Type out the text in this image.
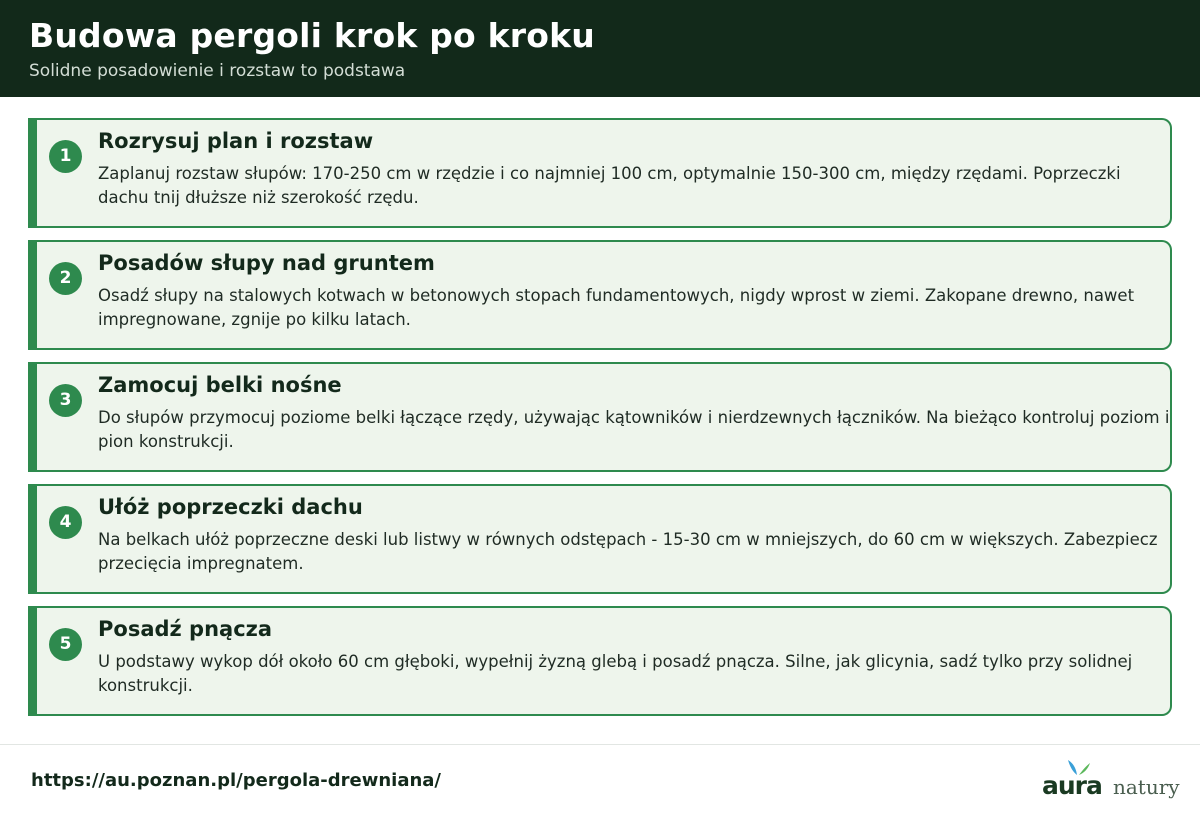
Budowa pergoli krok po kroku
Solidne posadowienie i rozstaw to podstawa
1
Rozrysuj plan i rozstaw
Zaplanuj rozstaw słupów: 170-250 cm w rzędzie i co najmniej 100 cm, optymalnie 150-300 cm, między rzędami. Poprzeczki dachu tnij dłuższe niż szerokość rzędu.
2
Posadów słupy nad gruntem
Osadź słupy na stalowych kotwach w betonowych stopach fundamentowych, nigdy wprost w ziemi. Zakopane drewno, nawet impregnowane, zgnije po kilku latach.
3
Zamocuj belki nośne
Do słupów przymocuj poziome belki łączące rzędy, używając kątowników i nierdzewnych łączników. Na bieżąco kontroluj poziom i pion konstrukcji.
4
Ułóż poprzeczki dachu
Na belkach ułóż poprzeczne deski lub listwy w równych odstępach - 15-30 cm w mniejszych, do 60 cm w większych. Zabezpiecz przecięcia impregnatem.
5
Posadź pnącza
U podstawy wykop dół około 60 cm głęboki, wypełnij żyzną glebą i posadź pnącza. Silne, jak glicynia, sadź tylko przy solidnej konstrukcji.
https://au.poznan.pl/pergola-drewniana/	aura natury
